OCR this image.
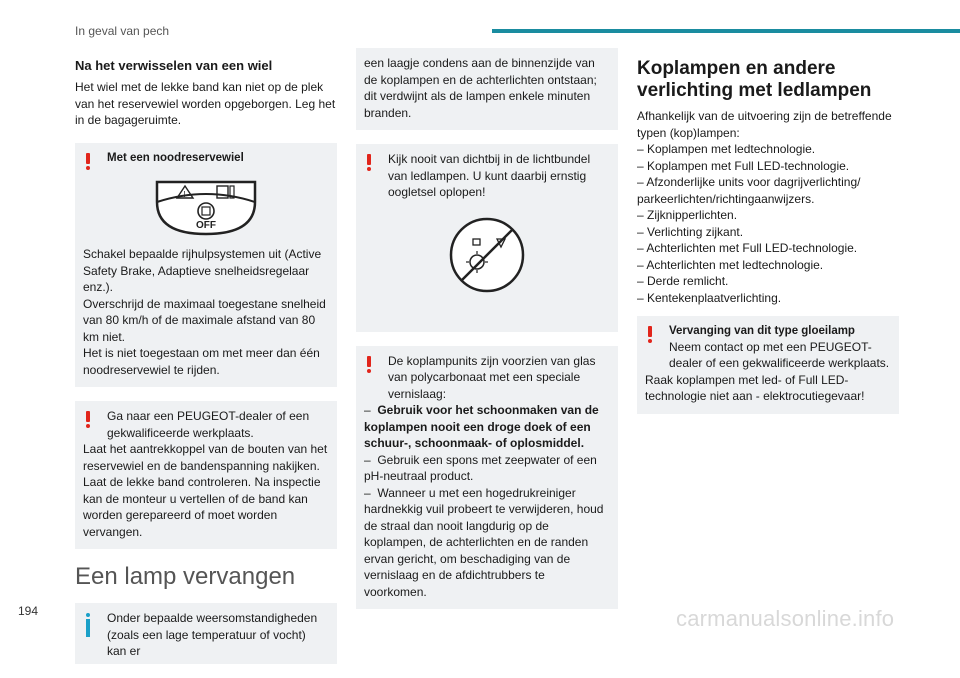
In geval van pech
Na het verwisselen van een wiel

Het wiel met de lekke band kan niet op de plek van het reservewiel worden opgeborgen. Leg het in de bagageruimte.

Met een noodreservewiel

!
OFF

Schakel bepaalde rijhulpsystemen uit (Active Safety Brake, Adaptieve snelheidsregelaar enz.).

Overschrijd de maximaal toegestane snelheid van 80 km/h of de maximale afstand van 80 km niet.

Het is niet toegestaan om met meer dan één noodreservewiel te rijden.

Ga naar een PEUGEOT-dealer of een gekwalificeerde werkplaats.

Laat het aantrekkoppel van de bouten van het reservewiel en de bandenspanning nakijken.

Laat de lekke band controleren. Na inspectie kan de monteur u vertellen of de band kan worden gerepareerd of moet worden vervangen.

Een lamp vervangen

Onder bepaalde weersomstandigheden (zoals een lage temperatuur of vocht) kan er

een laagje condens aan de binnenzijde van de koplampen en de achterlichten ontstaan; dit verdwijnt als de lampen enkele minuten branden.

Kijk nooit van dichtbij in de lichtbundel van ledlampen. U kunt daarbij ernstig oogletsel oplopen!

De koplampunits zijn voorzien van glas van polycarbonaat met een speciale vernislaag:

–  Gebruik voor het schoonmaken van de koplampen nooit een droge doek of een schuur-, schoonmaak- of oplosmiddel.

–  Gebruik een spons met zeepwater of een pH-neutraal product.

–  Wanneer u met een hogedrukreiniger hardnekkig vuil probeert te verwijderen, houd de straal dan nooit langdurig op de koplampen, de achterlichten en de randen ervan gericht, om beschadiging van de vernislaag en de afdichtrubbers te voorkomen.

Koplampen en andere verlichting met ledlampen

Afhankelijk van de uitvoering zijn de betreffende typen (kop)lampen:

– Koplampen met ledtechnologie.

– Koplampen met Full LED-technologie.

– Afzonderlijke units voor dagrijverlichting/ parkeerlichten/richtingaanwijzers.

– Zijknipperlichten.

– Verlichting zijkant.

– Achterlichten met Full LED-technologie.

– Achterlichten met ledtechnologie.

– Derde remlicht.

– Kentekenplaatverlichting.

Vervanging van dit type gloeilamp

Neem contact op met een PEUGEOT-dealer of een gekwalificeerde werkplaats.

Raak koplampen met led- of Full LED-technologie niet aan - elektrocutiegevaar!

194	carmanualsonline.info
